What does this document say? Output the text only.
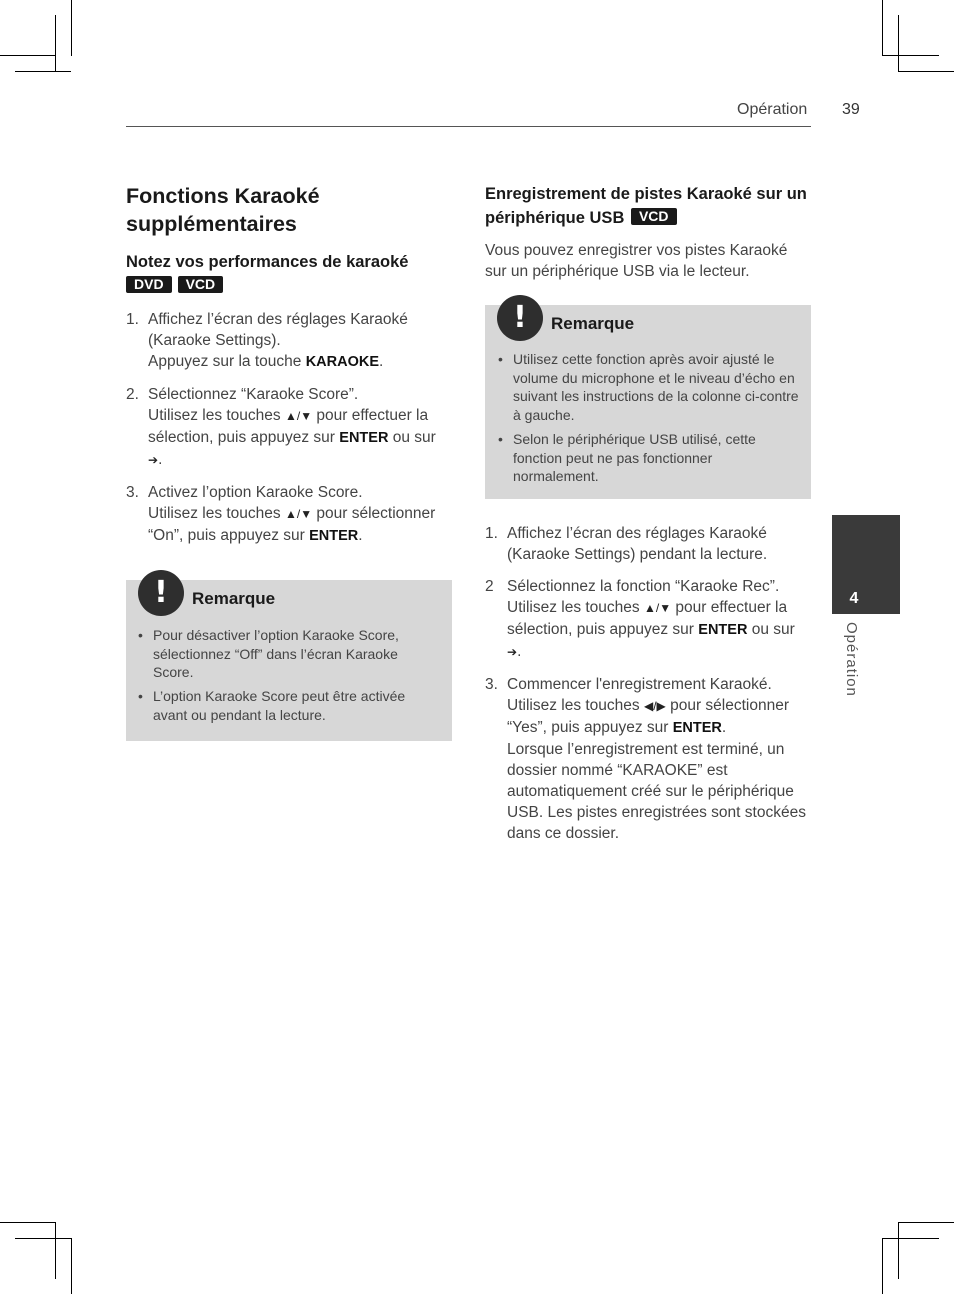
Opération 39
Fonctions Karaoké supplémentaires
Notez vos performances de karaoké
DVD VCD
1. Affichez l’écran des réglages Karaoké (Karaoke Settings).
Appuyez sur la touche KARAOKE.
2. Sélectionnez “Karaoke Score”.
Utilisez les touches ▲/▼ pour effectuer la sélection, puis appuyez sur ENTER ou sur ➔.
3. Activez l’option Karaoke Score.
Utilisez les touches ▲/▼ pour sélectionner “On”, puis appuyez sur ENTER.
!	Remarque
• Pour désactiver l’option Karaoke Score, sélectionnez “Off” dans l’écran Karaoke Score.
• L’option Karaoke Score peut être activée avant ou pendant la lecture.
Enregistrement de pistes Karaoké sur un périphérique USB VCD
Vous pouvez enregistrer vos pistes Karaoké sur un périphérique USB via le lecteur.
!	Remarque
• Utilisez cette fonction après avoir ajusté le volume du microphone et le niveau d’écho en suivant les instructions de la colonne ci-contre à gauche.
• Selon le périphérique USB utilisé, cette fonction peut ne pas fonctionner normalement.
1. Affichez l’écran des réglages Karaoké (Karaoke Settings) pendant la lecture.
2 Sélectionnez la fonction “Karaoke Rec”.
Utilisez les touches ▲/▼ pour effectuer la sélection, puis appuyez sur ENTER ou sur ➔.
3. Commencer l'enregistrement Karaoké.
Utilisez les touches ◀/▶ pour sélectionner “Yes”, puis appuyez sur ENTER.
Lorsque l’enregistrement est terminé, un dossier nommé “KARAOKE” est automatiquement créé sur le périphérique USB. Les pistes enregistrées sont stockées dans ce dossier.
4
Opération
